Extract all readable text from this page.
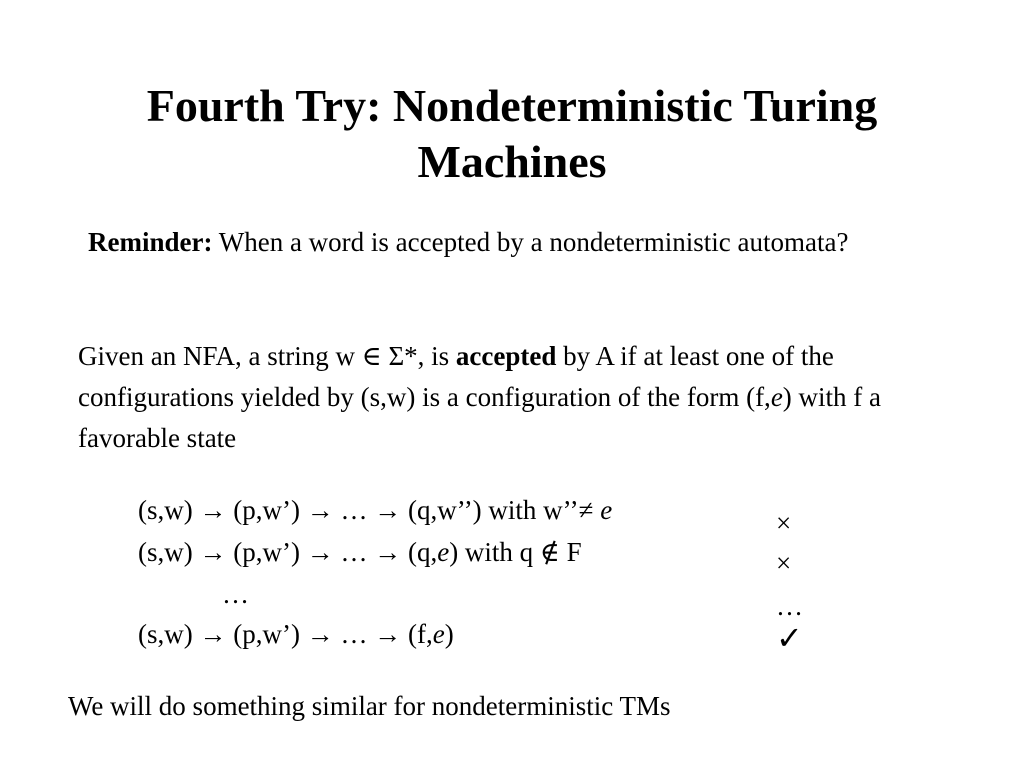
Fourth Try: Nondeterministic Turing Machines
Reminder: When a word is accepted by a nondeterministic automata?
Given an NFA, a string w ∈ Σ*, is accepted by A if at least one of the configurations yielded by (s,w) is a configuration of the form (f,e) with f a favorable state
(s,w) → (p,w’) → … → (q,w’’) with w’’≠ e	×
(s,w) → (p,w’) → … → (q,e) with q ∉ F	×
…	…
(s,w) → (p,w’) → … → (f,e)	✓
We will do something similar for nondeterministic TMs
